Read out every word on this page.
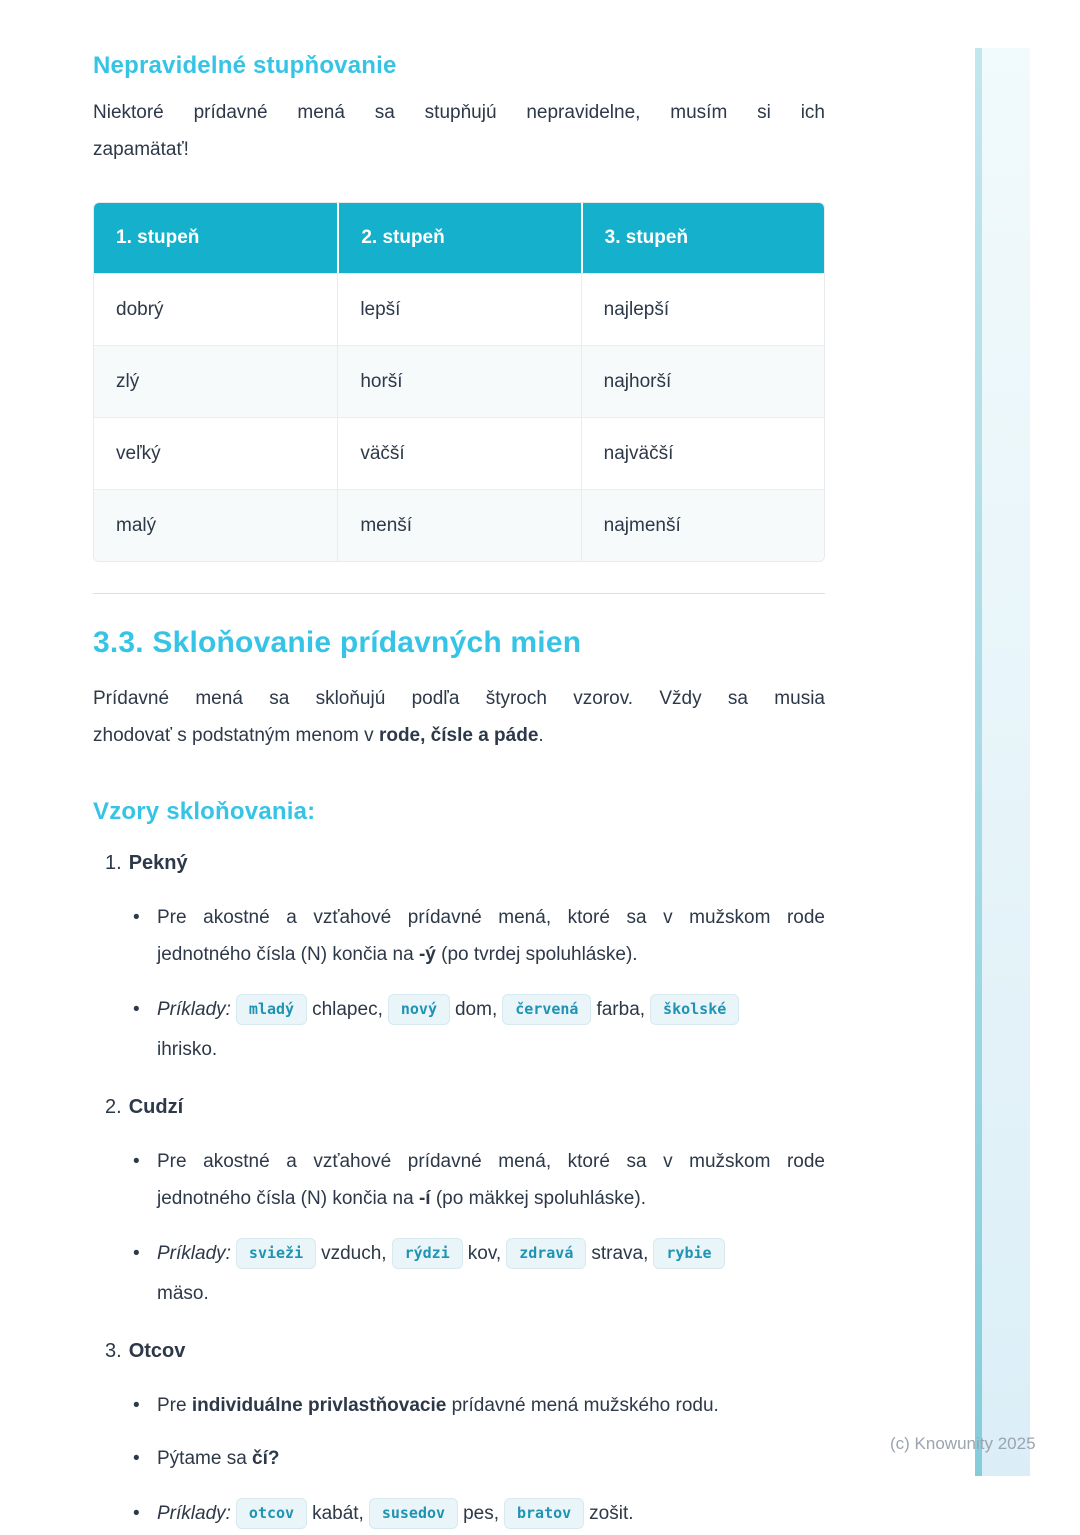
Nepravidelné stupňovanie
Niektoré prídavné mená sa stupňujú nepravidelne, musím si ich
zapamätať!
1. stupeň	2. stupeň	3. stupeň
dobrý	lepší	najlepší
zlý	horší	najhorší
veľký	väčší	najväčší
malý	menší	najmenší
3.3. Skloňovanie prídavných mien
Prídavné mená sa skloňujú podľa štyroch vzorov. Vždy sa musia
zhodovať s podstatným menom v rode, čísle a páde.
Vzory skloňovania:
1. Pekný
• Pre akostné a vzťahové prídavné mená, ktoré sa v mužskom rode
jednotného čísla (N) končia na -ý (po tvrdej spoluhláske).
• Príklady: mladý chlapec, nový dom, červená farba, školské
ihrisko.
2. Cudzí
• Pre akostné a vzťahové prídavné mená, ktoré sa v mužskom rode
jednotného čísla (N) končia na -í (po mäkkej spoluhláske).
• Príklady: svieži vzduch, rýdzi kov, zdravá strava, rybie
mäso.
3. Otcov
• Pre individuálne privlastňovacie prídavné mená mužského rodu.
• Pýtame sa čí?
• Príklady: otcov kabát, susedov pes, bratov zošit.
(c) Knowunity 2025
